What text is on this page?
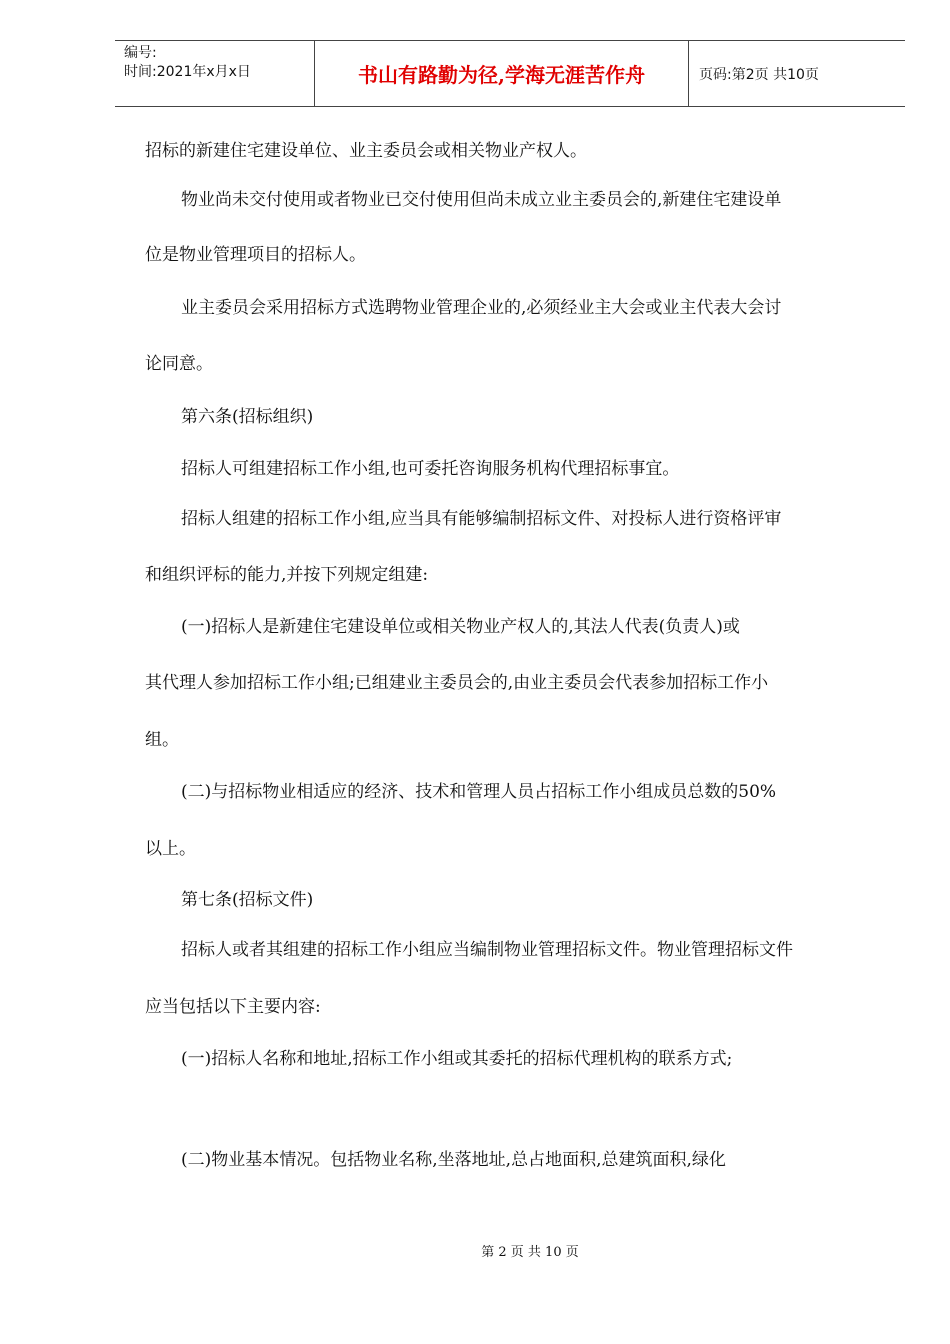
编号:
时间:2021年x月x日	书山有路勤为径,学海无涯苦作舟	页码:第2页 共10页

招标的新建住宅建设单位、业主委员会或相关物业产权人。

物业尚未交付使用或者物业已交付使用但尚未成立业主委员会的,新建住宅建设单

位是物业管理项目的招标人。

业主委员会采用招标方式选聘物业管理企业的,必须经业主大会或业主代表大会讨

论同意。

第六条(招标组织)

招标人可组建招标工作小组,也可委托咨询服务机构代理招标事宜。

招标人组建的招标工作小组,应当具有能够编制招标文件、对投标人进行资格评审

和组织评标的能力,并按下列规定组建:

(一)招标人是新建住宅建设单位或相关物业产权人的,其法人代表(负责人)或

其代理人参加招标工作小组;已组建业主委员会的,由业主委员会代表参加招标工作小

组。

(二)与招标物业相适应的经济、技术和管理人员占招标工作小组成员总数的50%

以上。

第七条(招标文件)

招标人或者其组建的招标工作小组应当编制物业管理招标文件。物业管理招标文件

应当包括以下主要内容:

(一)招标人名称和地址,招标工作小组或其委托的招标代理机构的联系方式;

(二)物业基本情况。包括物业名称,坐落地址,总占地面积,总建筑面积,绿化

第 2 页 共 10 页
